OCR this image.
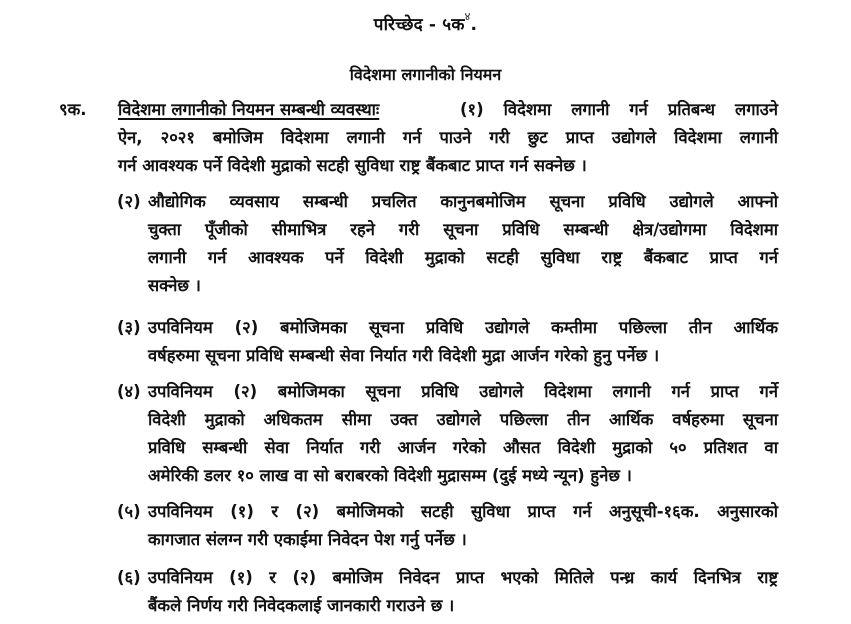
परिच्छेद - ५क$^४$.
विदेशमा लगानीको नियमन
९क. विदेशमा लगानीको नियमन सम्बन्धी व्यवस्थाः	(१) विदेशमा लगानी गर्न प्रतिबन्ध लगाउने
ऐन, २०२१ बमोजिम विदेशमा लगानी गर्न पाउने गरी छुट प्राप्त उद्योगले विदेशमा लगानी
गर्न आवश्यक पर्ने विदेशी मुद्राको सटही सुविधा राष्ट्र बैंकबाट प्राप्त गर्न सक्नेछ ।
(२) औद्योगिक व्यवसाय सम्बन्धी प्रचलित कानुनबमोजिम सूचना प्रविधि उद्योगले आफ्नो
चुक्ता पूँजीको सीमाभित्र रहने गरी सूचना प्रविधि सम्बन्धी क्षेत्र/उद्योगमा विदेशमा
लगानी गर्न आवश्यक पर्ने विदेशी मुद्राको सटही सुविधा राष्ट्र बैंकबाट प्राप्त गर्न
सक्नेछ ।
(३) उपविनियम (२) बमोजिमका सूचना प्रविधि उद्योगले कम्तीमा पछिल्ला तीन आर्थिक
वर्षहरुमा सूचना प्रविधि सम्बन्धी सेवा निर्यात गरी विदेशी मुद्रा आर्जन गरेको हुनु पर्नेछ ।
(४) उपविनियम (२) बमोजिमका सूचना प्रविधि उद्योगले विदेशमा लगानी गर्न प्राप्त गर्ने
विदेशी मुद्राको अधिकतम सीमा उक्त उद्योगले पछिल्ला तीन आर्थिक वर्षहरुमा सूचना
प्रविधि सम्बन्धी सेवा निर्यात गरी आर्जन गरेको औसत विदेशी मुद्राको ५० प्रतिशत वा
अमेरिकी डलर १० लाख वा सो बराबरको विदेशी मुद्रासम्म (दुई मध्ये न्यून) हुनेछ ।
(५) उपविनियम (१) र (२) बमोजिमको सटही सुविधा प्राप्त गर्न अनुसूची-१६क. अनुसारको
कागजात संलग्न गरी एकाईमा निवेदन पेश गर्नु पर्नेछ ।
(६) उपविनियम (१) र (२) बमोजिम निवेदन प्राप्त भएको मितिले पन्ध्र कार्य दिनभित्र राष्ट्र
बैंकले निर्णय गरी निवेदकलाई जानकारी गराउने छ ।
